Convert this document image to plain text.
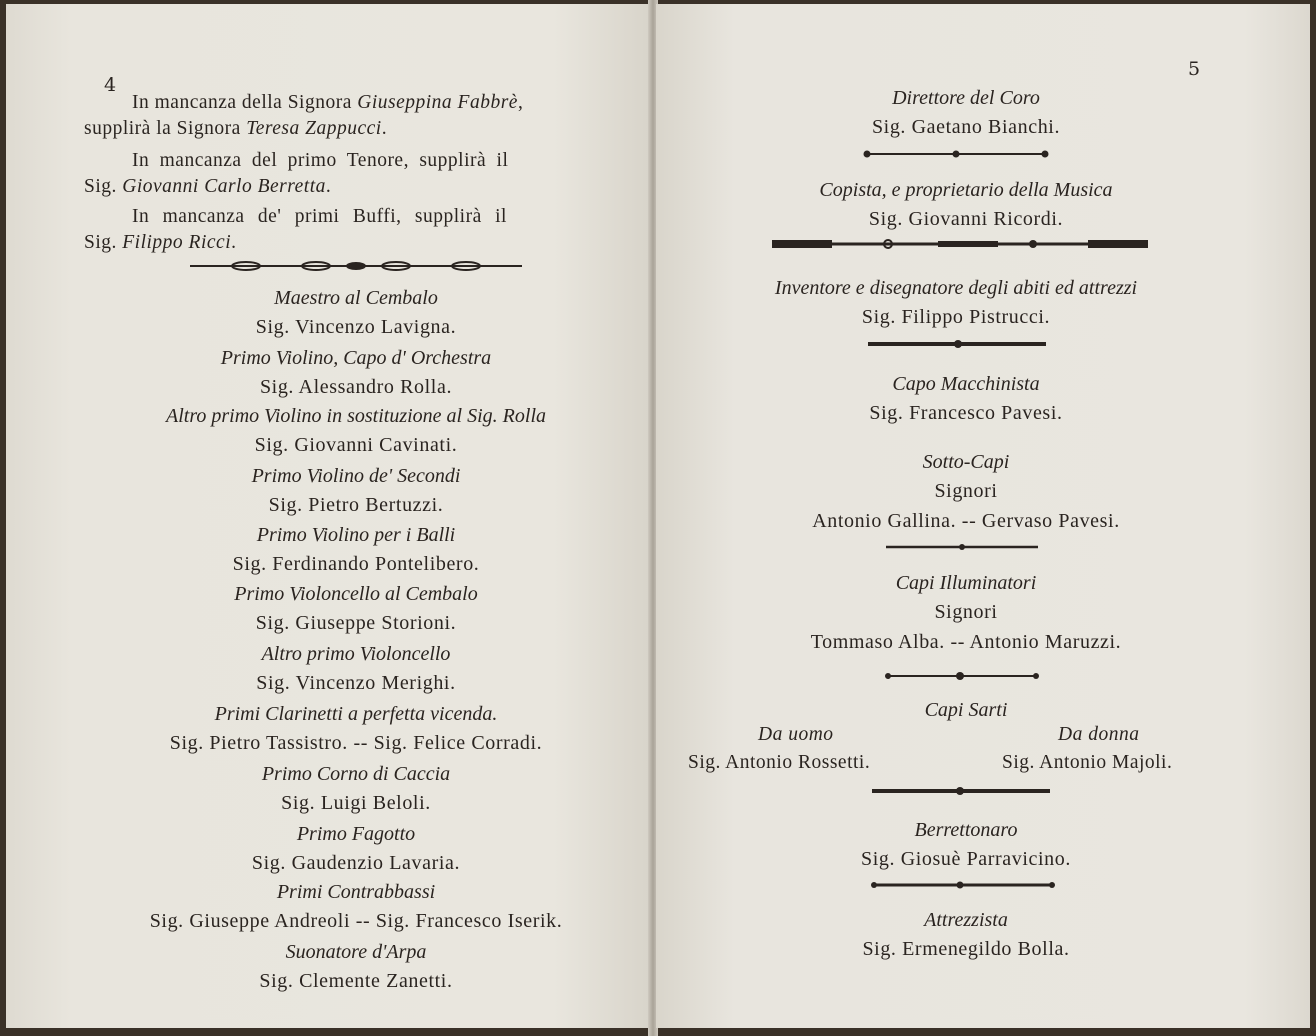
4
In mancanza della Signora Giuseppina Fabbrè,
supplirà la Signora Teresa Zappucci.
In mancanza del primo Tenore, supplirà il
Sig. Giovanni Carlo Berretta.
In mancanza de' primi Buffi, supplirà il
Sig. Filippo Ricci.
Maestro al Cembalo
Sig. Vincenzo Lavigna.
Primo Violino, Capo d' Orchestra
Sig. Alessandro Rolla.
Altro primo Violino in sostituzione al Sig. Rolla
Sig. Giovanni Cavinati.
Primo Violino de' Secondi
Sig. Pietro Bertuzzi.
Primo Violino per i Balli
Sig. Ferdinando Pontelibero.
Primo Violoncello al Cembalo
Sig. Giuseppe Storioni.
Altro primo Violoncello
Sig. Vincenzo Merighi.
Primi Clarinetti a perfetta vicenda.
Sig. Pietro Tassistro. -- Sig. Felice Corradi.
Primo Corno di Caccia
Sig. Luigi Beloli.
Primo Fagotto
Sig. Gaudenzio Lavaria.
Primi Contrabbassi
Sig. Giuseppe Andreoli -- Sig. Francesco Iserik.
Suonatore d'Arpa
Sig. Clemente Zanetti.
5
Direttore del Coro
Sig. Gaetano Bianchi.
Copista, e proprietario della Musica
Sig. Giovanni Ricordi.
Inventore e disegnatore degli abiti ed attrezzi
Sig. Filippo Pistrucci.
Capo Macchinista
Sig. Francesco Pavesi.
Sotto-Capi
Signori
Antonio Gallina. -- Gervaso Pavesi.
Capi Illuminatori
Signori
Tommaso Alba. -- Antonio Maruzzi.
Capi Sarti
Da uomo	Da donna
Sig. Antonio Rossetti.	Sig. Antonio Majoli.
Berrettonaro
Sig. Giosuè Parravicino.
Attrezzista
Sig. Ermenegildo Bolla.
